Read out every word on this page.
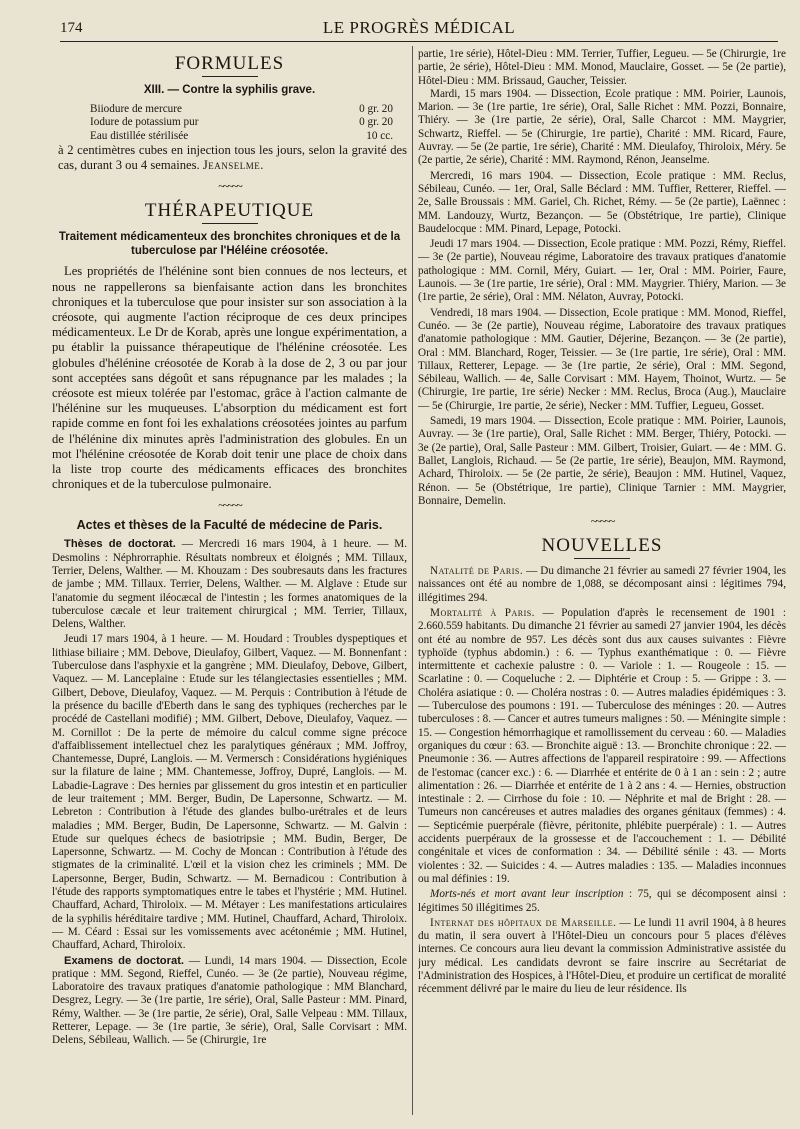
174	LE PROGRÈS MÉDICAL
FORMULES
XIII. — Contre la syphilis grave.
Biiodure de mercure	0 gr. 20
Iodure de potassium pur	0 gr. 20
Eau distillée stérilisée	10 cc.

à 2 centimètres cubes en injection tous les jours, selon la gravité des cas, durant 3 ou 4 semaines. Jeanselme.

~~~~~
THÉRAPEUTIQUE
Traitement médicamenteux des bronchites chroniques et de la tuberculose par l'Héléine créosotée.

Les propriétés de l'hélénine sont bien connues de nos lecteurs, et nous ne rappellerons sa bienfaisante action dans les bronchites chroniques et la tuberculose que pour insister sur son association à la créosote, qui augmente l'action réciproque de ces deux principes médicamenteux. Le Dr de Korab, après une longue expérimentation, a pu établir la puissance thérapeutique de l'hélénine créosotée. Les globules d'hélénine créosotée de Korab à la dose de 2, 3 ou par jour sont acceptées sans dégoût et sans répugnance par les malades ; la créosote est mieux tolérée par l'estomac, grâce à l'action calmante de l'hélénine sur les muqueuses. L'absorption du médicament est fort rapide comme en font foi les exhalations créosotées jointes au parfum de l'hélénine dix minutes après l'administration des globules. En un mot l'hélénine créosotée de Korab doit tenir une place de choix dans la liste trop courte des médicaments efficaces des bronchites chroniques et de la tuberculose pulmonaire.

~~~~~
Actes et thèses de la Faculté de médecine de Paris.

Thèses de doctorat. — Mercredi 16 mars 1904, à 1 heure. — M. Desmolins : Néphrorraphie. Résultats nombreux et éloignés ; MM. Tillaux, Terrier, Delens, Walther. — M. Khouzam : Des soubresauts dans les fractures de jambe ; MM. Tillaux. Terrier, Delens, Walther. — M. Alglave : Etude sur l'anatomie du segment iléocæcal de l'intestin ; les formes anatomiques de la tuberculose cæcale et leur traitement chirurgical ; MM. Terrier, Tillaux, Delens, Walther.

Jeudi 17 mars 1904, à 1 heure. — M. Houdard : Troubles dyspeptiques et lithiase biliaire ; MM. Debove, Dieulafoy, Gilbert, Vaquez. — M. Bonnenfant : Tuberculose dans l'asphyxie et la gangrène ; MM. Dieulafoy, Debove, Gilbert, Vaquez. — M. Lanceplaine : Etude sur les télangiectasies essentielles ; MM. Gilbert, Debove, Dieulafoy, Vaquez. — M. Perquis : Contribution à l'étude de la présence du bacille d'Eberth dans le sang des typhiques (recherches par le procédé de Castellani modifié) ; MM. Gilbert, Debove, Dieulafoy, Vaquez. — M. Cornillot : De la perte de mémoire du calcul comme signe précoce d'affaiblissement intellectuel chez les paralytiques généraux ; MM. Joffroy, Chantemesse, Dupré, Langlois. — M. Vermersch : Considérations hygiéniques sur la filature de laine ; MM. Chantemesse, Joffroy, Dupré, Langlois. — M. Labadie-Lagrave : Des hernies par glissement du gros intestin et en particulier de leur traitement ; MM. Berger, Budin, De Lapersonne, Schwartz. — M. Lebreton : Contribution à l'étude des glandes bulbo-urétrales et de leurs maladies ; MM. Berger, Budin, De Lapersonne, Schwartz. — M. Galvin : Etude sur quelques échecs de basiotripsie ; MM. Budin, Berger, De Lapersonne, Schwartz. — M. Cochy de Moncan : Contribution à l'étude des stigmates de la criminalité. L'œil et la vision chez les criminels ; MM. De Lapersonne, Berger, Budin, Schwartz. — M. Bernadicou : Contribution à l'étude des rapports symptomatiques entre le tabes et l'hystérie ; MM. Hutinel. Chauffard, Achard, Thiroloix. — M. Métayer : Les manifestations articulaires de la syphilis héréditaire tardive ; MM. Hutinel, Chauffard, Achard, Thiroloix. — M. Céard : Essai sur les vomissements avec acétonémie ; MM. Hutinel, Chauffard, Achard, Thiroloix.

Examens de doctorat. — Lundi, 14 mars 1904. — Dissection, Ecole pratique : MM. Segond, Rieffel, Cunéo. — 3e (2e partie), Nouveau régime, Laboratoire des travaux pratiques d'anatomie pathologique : MM Blanchard, Desgrez, Legry. — 3e (1re partie, 1re série), Oral, Salle Pasteur : MM. Pinard, Rémy, Walther. — 3e (1re partie, 2e série), Oral, Salle Velpeau : MM. Tillaux, Retterer, Lepage. — 3e (1re partie, 3e série), Oral, Salle Corvisart : MM. Delens, Sébileau, Wallich. — 5e (Chirurgie, 1re

partie, 1re série), Hôtel-Dieu : MM. Terrier, Tuffier, Legueu. — 5e (Chirurgie, 1re partie, 2e série), Hôtel-Dieu : MM. Monod, Mauclaire, Gosset. — 5e (2e partie), Hôtel-Dieu : MM. Brissaud, Gaucher, Teissier.

Mardi, 15 mars 1904. — Dissection, Ecole pratique : MM. Poirier, Launois, Marion. — 3e (1re partie, 1re série), Oral, Salle Richet : MM. Pozzi, Bonnaire, Thiéry. — 3e (1re partie, 2e série), Oral, Salle Charcot : MM. Maygrier, Schwartz, Rieffel. — 5e (Chirurgie, 1re partie), Charité : MM. Ricard, Faure, Auvray. — 5e (2e partie, 1re série), Charité : MM. Dieulafoy, Thiroloix, Méry. 5e (2e partie, 2e série), Charité : MM. Raymond, Rénon, Jeanselme.

Mercredi, 16 mars 1904. — Dissection, Ecole pratique : MM. Reclus, Sébileau, Cunéo. — 1er, Oral, Salle Béclard : MM. Tuffier, Retterer, Rieffel. — 2e, Salle Broussais : MM. Gariel, Ch. Richet, Rémy. — 5e (2e partie), Laënnec : MM. Landouzy, Wurtz, Bezançon. — 5e (Obstétrique, 1re partie), Clinique Baudelocque : MM. Pinard, Lepage, Potocki.

Jeudi 17 mars 1904. — Dissection, Ecole pratique : MM. Pozzi, Rémy, Rieffel. — 3e (2e partie), Nouveau régime, Laboratoire des travaux pratiques d'anatomie pathologique : MM. Cornil, Méry, Guiart. — 1er, Oral : MM. Poirier, Faure, Launois. — 3e (1re partie, 1re série), Oral : MM. Maygrier. Thiéry, Marion. — 3e (1re partie, 2e série), Oral : MM. Nélaton, Auvray, Potocki.

Vendredi, 18 mars 1904. — Dissection, Ecole pratique : MM. Monod, Rieffel, Cunéo. — 3e (2e partie), Nouveau régime, Laboratoire des travaux pratiques d'anatomie pathologique : MM. Gautier, Déjerine, Bezançon. — 3e (2e partie), Oral : MM. Blanchard, Roger, Teissier. — 3e (1re partie, 1re série), Oral : MM. Tillaux, Retterer, Lepage. — 3e (1re partie, 2e série), Oral : MM. Segond, Sébileau, Wallich. — 4e, Salle Corvisart : MM. Hayem, Thoinot, Wurtz. — 5e (Chirurgie, 1re partie, 1re série) Necker : MM. Reclus, Broca (Aug.), Mauclaire — 5e (Chirurgie, 1re partie, 2e série), Necker : MM. Tuffier, Legueu, Gosset.

Samedi, 19 mars 1904. — Dissection, Ecole pratique : MM. Poirier, Launois, Auvray. — 3e (1re partie), Oral, Salle Richet : MM. Berger, Thiéry, Potocki. — 3e (2e partie), Oral, Salle Pasteur : MM. Gilbert, Troisier, Guiart. — 4e : MM. G. Ballet, Langlois, Richaud. — 5e (2e partie, 1re série), Beaujon, MM. Raymond, Achard, Thiroloix. — 5e (2e partie, 2e série), Beaujon : MM. Hutinel, Vaquez, Rénon. — 5e (Obstétrique, 1re partie), Clinique Tarnier : MM. Maygrier, Bonnaire, Demelin.

~~~~~
NOUVELLES

Natalité de Paris. — Du dimanche 21 février au samedi 27 février 1904, les naissances ont été au nombre de 1,088, se décomposant ainsi : légitimes 794, illégitimes 294.

Mortalité à Paris. — Population d'après le recensement de 1901 : 2.660.559 habitants. Du dimanche 21 février au samedi 27 janvier 1904, les décès ont été au nombre de 957. Les décès sont dus aux causes suivantes : Fièvre typhoïde (typhus abdomin.) : 6. — Typhus exanthématique : 0. — Fièvre intermittente et cachexie palustre : 0. — Variole : 1. — Rougeole : 15. — Scarlatine : 0. — Coqueluche : 2. — Diphtérie et Croup : 5. — Grippe : 3. — Choléra asiatique : 0. — Choléra nostras : 0. — Autres maladies épidémiques : 3. — Tuberculose des poumons : 191. — Tuberculose des méninges : 20. — Autres tuberculoses : 8. — Cancer et autres tumeurs malignes : 50. — Méningite simple : 15. — Congestion hémorrhagique et ramollissement du cerveau : 60. — Maladies organiques du cœur : 63. — Bronchite aiguë : 13. — Bronchite chronique : 22. — Pneumonie : 36. — Autres affections de l'appareil respiratoire : 99. — Affections de l'estomac (cancer exc.) : 6. — Diarrhée et entérite de 0 à 1 an : sein : 2 ; autre alimentation : 26. — Diarrhée et entérite de 1 à 2 ans : 4. — Hernies, obstruction intestinale : 2. — Cirrhose du foie : 10. — Néphrite et mal de Bright : 28. — Tumeurs non cancéreuses et autres maladies des organes génitaux (femmes) : 4. — Septicémie puerpérale (fièvre, péritonite, phlébite puerpérale) : 1. — Autres accidents puerpéraux de la grossesse et de l'accouchement : 1. — Débilité congénitale et vices de conformation : 34. — Débilité sénile : 43. — Morts violentes : 32. — Suicides : 4. — Autres maladies : 135. — Maladies inconnues ou mal définies : 19.

Morts-nés et mort avant leur inscription : 75, qui se décomposent ainsi : légitimes 50 illégitimes 25.

Internat des hôpitaux de Marseille. — Le lundi 11 avril 1904, à 8 heures du matin, il sera ouvert à l'Hôtel-Dieu un concours pour 5 places d'élèves internes. Ce concours aura lieu devant la commission Administrative assistée du jury médical. Les candidats devront se faire inscrire au Secrétariat de l'Administration des Hospices, à l'Hôtel-Dieu, et produire un certificat de moralité récemment délivré par le maire du lieu de leur résidence. Ils
